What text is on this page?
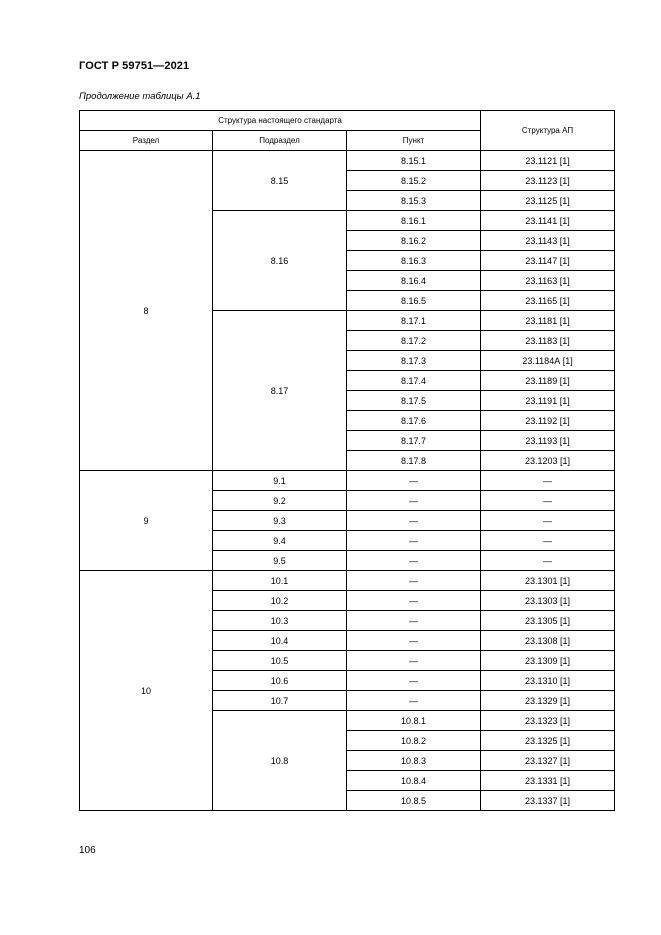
ГОСТ Р 59751—2021
Продолжение таблицы А.1
Структура настоящего стандарта			Структура АП
Раздел	Подраздел	Пункт	
8	8.15	8.15.1	23.1121 [1]
		8.15.2	23.1123 [1]
		8.15.3	23.1125 [1]
	8.16	8.16.1	23.1141 [1]
		8.16.2	23.1143 [1]
		8.16.3	23.1147 [1]
		8.16.4	23.1163 [1]
		8.16.5	23.1165 [1]
	8.17	8.17.1	23.1181 [1]
		8.17.2	23.1183 [1]
		8.17.3	23.1184А [1]
		8.17.4	23.1189 [1]
		8.17.5	23.1191 [1]
		8.17.6	23.1192 [1]
		8.17.7	23.1193 [1]
		8.17.8	23.1203 [1]
9	9.1	—	—
	9.2	—	—
	9.3	—	—
	9.4	—	—
	9.5	—	—
10	10.1	—	23.1301 [1]
	10.2	—	23.1303 [1]
	10.3	—	23.1305 [1]
	10.4	—	23.1308 [1]
	10.5	—	23.1309 [1]
	10.6	—	23.1310 [1]
	10.7	—	23.1329 [1]
	10.8	10.8.1	23.1323 [1]
		10.8.2	23.1325 [1]
		10.8.3	23.1327 [1]
		10.8.4	23.1331 [1]
		10.8.5	23.1337 [1]
106
